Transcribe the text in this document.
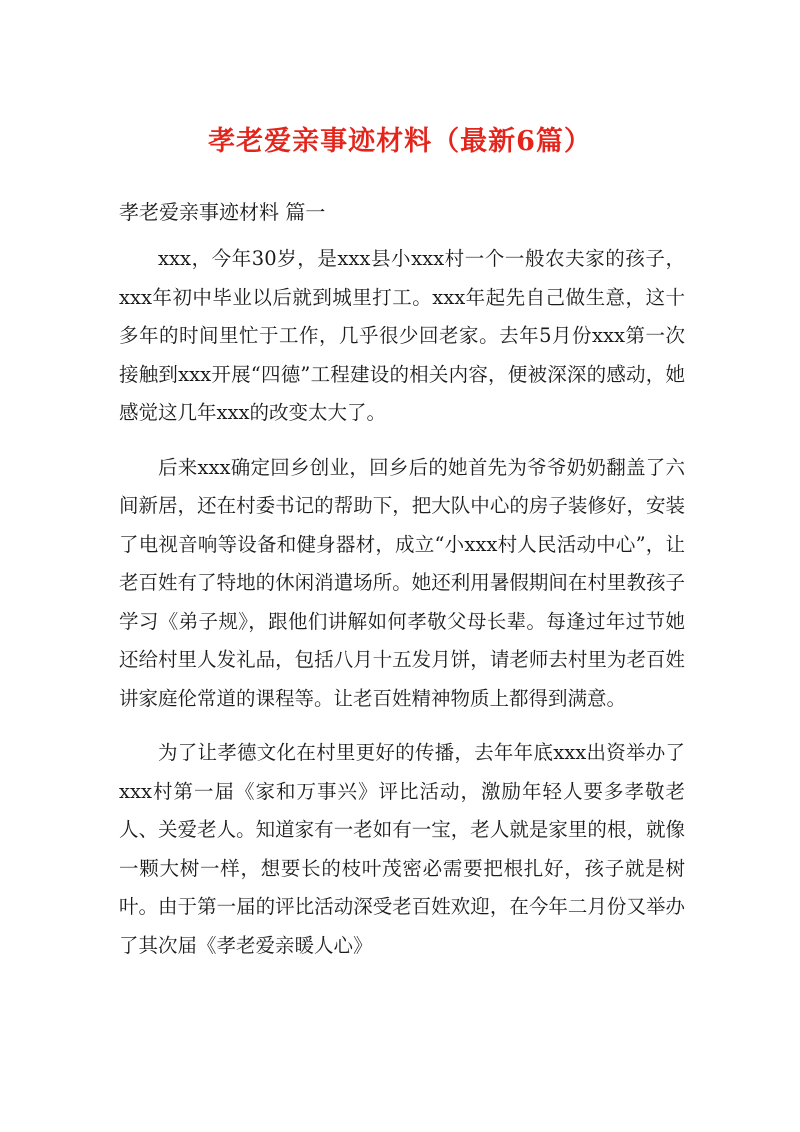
孝老爱亲事迹材料（最新6篇）
孝老爱亲事迹材料 篇一

xxx，今年30岁，是xxx县小xxx村一个一般农夫家的孩子，xxx年初中毕业以后就到城里打工。xxx年起先自己做生意，这十多年的时间里忙于工作，几乎很少回老家。去年5月份xxx第一次接触到xxx开展“四德”工程建设的相关内容，便被深深的感动，她感觉这几年xxx的改变太大了。

后来xxx确定回乡创业，回乡后的她首先为爷爷奶奶翻盖了六间新居，还在村委书记的帮助下，把大队中心的房子装修好，安装了电视音响等设备和健身器材，成立“小xxx村人民活动中心”，让老百姓有了特地的休闲消遣场所。她还利用暑假期间在村里教孩子学习《弟子规》，跟他们讲解如何孝敬父母长辈。每逢过年过节她还给村里人发礼品，包括八月十五发月饼，请老师去村里为老百姓讲家庭伦常道的课程等。让老百姓精神物质上都得到满意。

为了让孝德文化在村里更好的传播，去年年底xxx出资举办了xxx村第一届《家和万事兴》评比活动，激励年轻人要多孝敬老人、关爱老人。知道家有一老如有一宝，老人就是家里的根，就像一颗大树一样，想要长的枝叶茂密必需要把根扎好，孩子就是树叶。由于第一届的评比活动深受老百姓欢迎，在今年二月份又举办了其次届《孝老爱亲暖人心》
